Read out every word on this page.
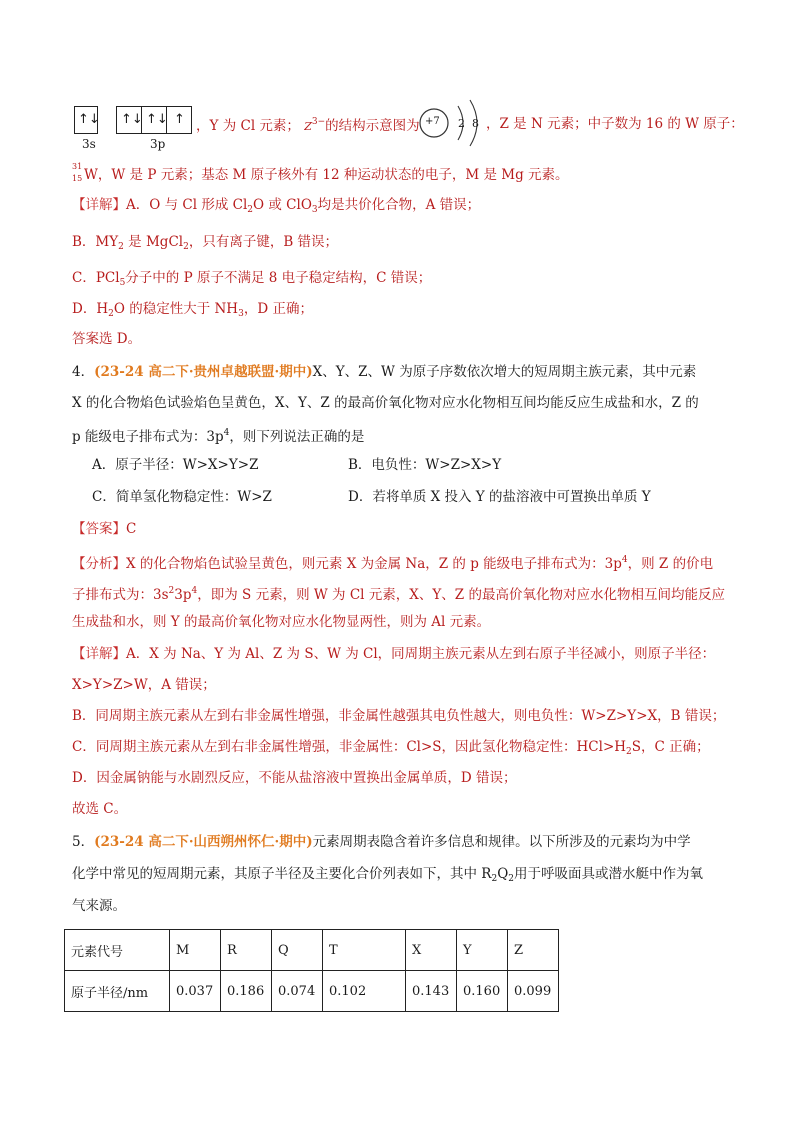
↑↓
3s
↑↓ ↑↓ ↑
3p
，Y 为 Cl 元素； $Z^{3-}$的结构示意图为 +7 2 8 ，Z 是 N 元素；中子数为 16 的 W 原子：
31
15 W，W 是 P 元素；基态 M 原子核外有 12 种运动状态的电子，M 是 Mg 元素。
【详解】A．O 与 Cl 形成 $Cl_2O$ 或 ClO$_3$均是共价化合物，A 错误；
B．$MY_2$ 是 MgCl$_2$，只有离子键，B 错误；
C．PCl$_5$分子中的 P 原子不满足 8 电子稳定结构，C 错误；
D．$H_2O$ 的稳定性大于 $NH_3$，D 正确；
答案选 D。
4．(23-24 高二下·贵州卓越联盟·期中)X、Y、Z、W 为原子序数依次增大的短周期主族元素，其中元素
X 的化合物焰色试验焰色呈黄色，X、Y、Z 的最高价氧化物对应水化物相互间均能反应生成盐和水，Z 的
p 能级电子排布式为：$3p^4$，则下列说法正确的是
A．原子半径：W>X>Y>Z	B．电负性：W>Z>X>Y
C．简单氢化物稳定性：W>Z	D．若将单质 X 投入 Y 的盐溶液中可置换出单质 Y
【答案】C
【分析】X 的化合物焰色试验呈黄色，则元素 X 为金属 Na，Z 的 p 能级电子排布式为：$3p^4$，则 Z 的价电
子排布式为：$3s^23p^4$，即为 S 元素，则 W 为 Cl 元素，X、Y、Z 的最高价氧化物对应水化物相互间均能反应
生成盐和水，则 Y 的最高价氧化物对应水化物显两性，则为 Al 元素。
【详解】A．X 为 Na、Y 为 Al、Z 为 S、W 为 Cl，同周期主族元素从左到右原子半径减小，则原子半径：
X>Y>Z>W，A 错误；
B．同周期主族元素从左到右非金属性增强，非金属性越强其电负性越大，则电负性：W>Z>Y>X，B 错误；
C．同周期主族元素从左到右非金属性增强，非金属性：Cl>S，因此氢化物稳定性：$HCl>H_2S$，C 正确；
D．因金属钠能与水剧烈反应，不能从盐溶液中置换出金属单质，D 错误；
故选 C。
5．(23-24 高二下·山西朔州怀仁·期中)元素周期表隐含着许多信息和规律。以下所涉及的元素均为中学
化学中常见的短周期元素，其原子半径及主要化合价列表如下，其中 $R_2Q_2$用于呼吸面具或潜水艇中作为氧
气来源。
元素代号	M	R	Q	T	X	Y	Z
原子半径/nm	0.037	0.186	0.074	0.102	0.143	0.160	0.099
